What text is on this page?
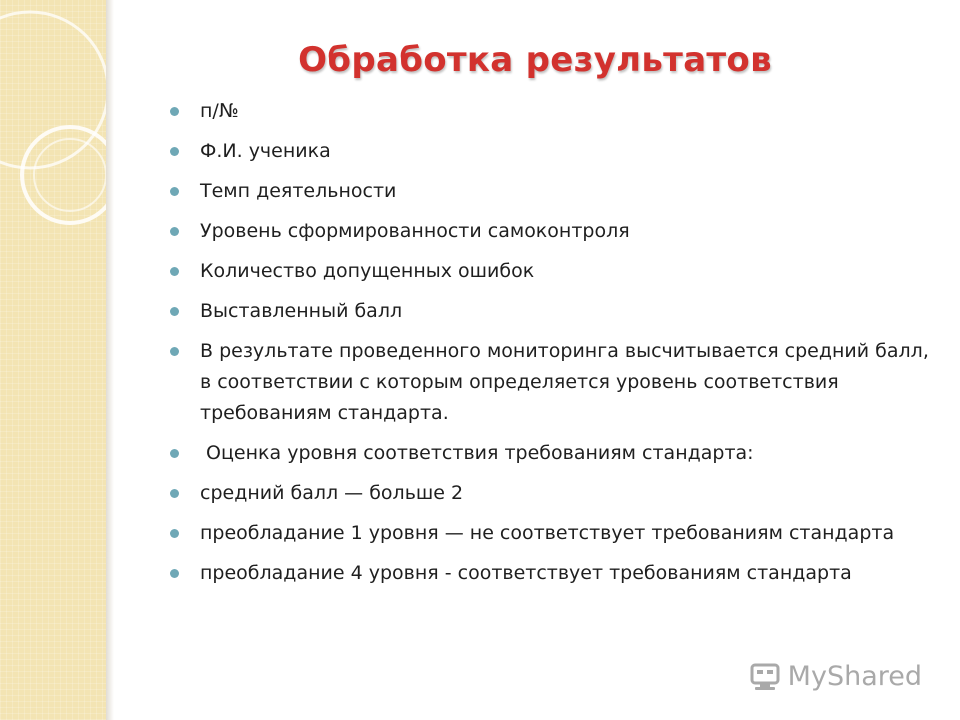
Обработка результатов
п/№
Ф.И. ученика
Темп деятельности
Уровень сформированности самоконтроля
Количество допущенных ошибок
Выставленный балл
В результате проведенного мониторинга высчитывается средний балл, в соответствии с которым определяется уровень соответствия требованиям стандарта.
Оценка уровня соответствия требованиям стандарта:
средний балл — больше 2
преобладание 1 уровня — не соответствует требованиям стандарта
преобладание 4 уровня - соответствует требованиям стандарта
MyShared
